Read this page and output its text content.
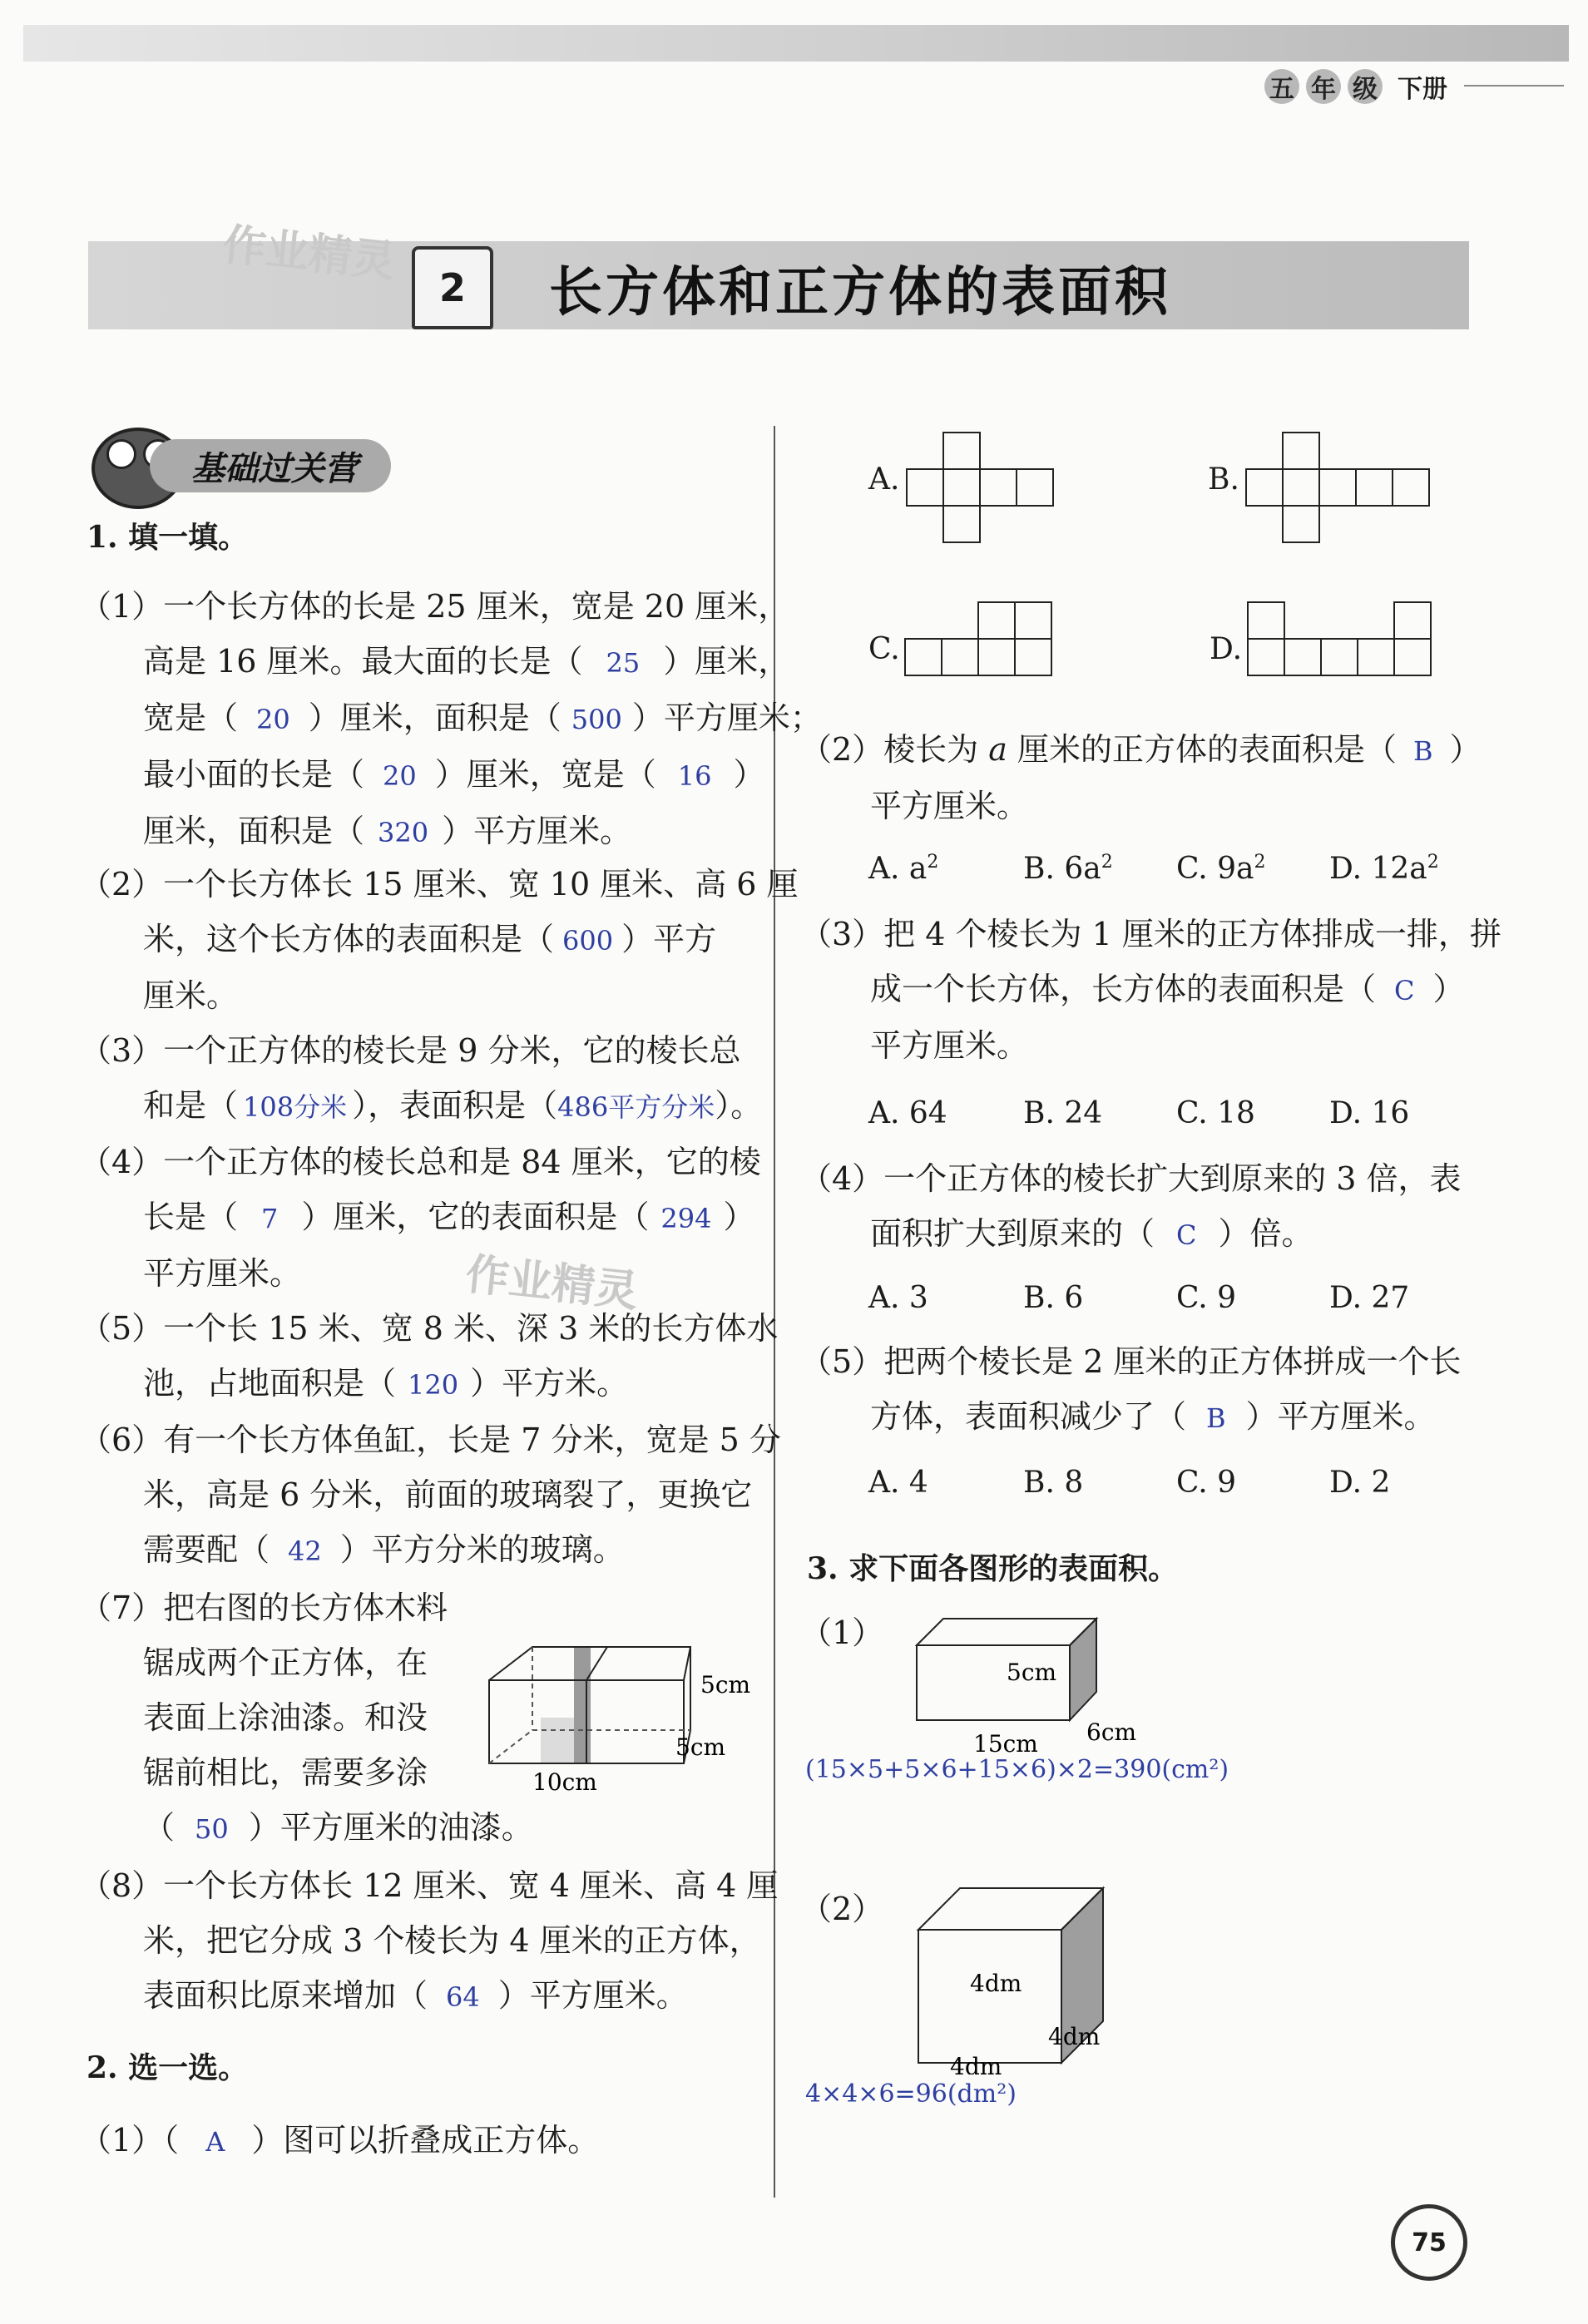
五 年 级 下册
作业精灵
2	长方体和正方体的表面积
基础过关营
1. 填一填。
（1）一个长方体的长是 25 厘米，宽是 20 厘米，
高是 16 厘米。最大面的长是（ 25 ）厘米，
宽是（ 20 ）厘米，面积是（ 500 ）平方厘米；
最小面的长是（ 20 ）厘米，宽是（ 16 ）
厘米，面积是（ 320 ）平方厘米。
（2）一个长方体长 15 厘米、宽 10 厘米、高 6 厘
米，这个长方体的表面积是（ 600 ）平方
厘米。
（3）一个正方体的棱长是 9 分米，它的棱长总
和是（ 108分米 ），表面积是（486平方分米）。
（4）一个正方体的棱长总和是 84 厘米，它的棱
长是（ 7 ）厘米，它的表面积是（ 294 ）
平方厘米。	作业精灵
（5）一个长 15 米、宽 8 米、深 3 米的长方体水
池，占地面积是（ 120 ）平方米。
（6）有一个长方体鱼缸，长是 7 分米，宽是 5 分
米，高是 6 分米，前面的玻璃裂了，更换它
需要配（ 42 ）平方分米的玻璃。
（7）把右图的长方体木料
锯成两个正方体，在
表面上涂油漆。和没
锯前相比，需要多涂
（ 50 ）平方厘米的油漆。
5cm
5cm
10cm
（8）一个长方体长 12 厘米、宽 4 厘米、高 4 厘
米，把它分成 3 个棱长为 4 厘米的正方体，
表面积比原来增加（ 64 ）平方厘米。
2. 选一选。
（1）（ A ）图可以折叠成正方体。
A.	B.
C.	D.
（2）棱长为 a 厘米的正方体的表面积是（ B ）
平方厘米。
A. $a^2$	B. $6a^2$ C. $9a^2$ D. $12a^2$
（3）把 4 个棱长为 1 厘米的正方体排成一排，拼
成一个长方体，长方体的表面积是（ C ）
平方厘米。
A. 64	B. 24 C. 18 D. 16
（4）一个正方体的棱长扩大到原来的 3 倍，表
面积扩大到原来的（ C ）倍。
A. 3	B. 6	C. 9	D. 27
（5）把两个棱长是 2 厘米的正方体拼成一个长
方体，表面积减少了（ B ）平方厘米。
A. 4	B. 8	C. 9	D. 2
3. 求下面各图形的表面积。
（1）
5cm
6cm
15cm
(15×5+5×6+15×6)×2=390(cm²)
（2）
4dm
4dm
4dm
4×4×6=96(dm²)
75
